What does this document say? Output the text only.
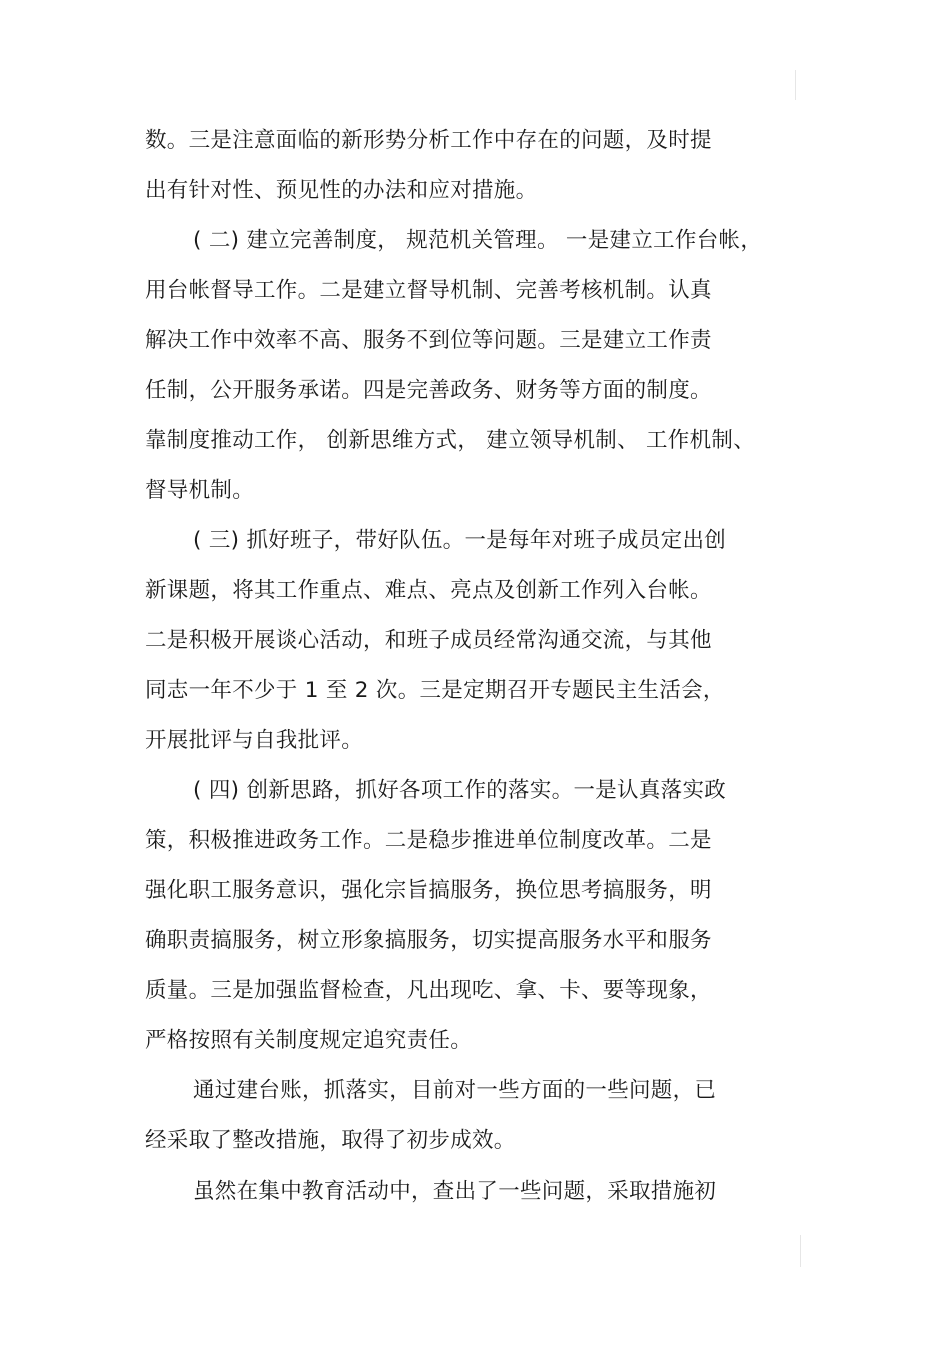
数。三是注意面临的新形势分析工作中存在的问题，及时提
出有针对性、预见性的办法和应对措施。
( 二) 建立完善制度， 规范机关管理。 一是建立工作台帐，
用台帐督导工作。二是建立督导机制、完善考核机制。认真
解决工作中效率不高、服务不到位等问题。三是建立工作责
任制，公开服务承诺。四是完善政务、财务等方面的制度。
靠制度推动工作， 创新思维方式， 建立领导机制、 工作机制、
督导机制。
( 三) 抓好班子，带好队伍。一是每年对班子成员定出创
新课题，将其工作重点、难点、亮点及创新工作列入台帐。
二是积极开展谈心活动，和班子成员经常沟通交流，与其他
同志一年不少于 1 至 2 次。三是定期召开专题民主生活会，
开展批评与自我批评。
( 四) 创新思路，抓好各项工作的落实。一是认真落实政
策，积极推进政务工作。二是稳步推进单位制度改革。二是
强化职工服务意识，强化宗旨搞服务，换位思考搞服务，明
确职责搞服务，树立形象搞服务，切实提高服务水平和服务
质量。三是加强监督检查，凡出现吃、拿、卡、要等现象，
严格按照有关制度规定追究责任。
通过建台账，抓落实，目前对一些方面的一些问题，已
经采取了整改措施，取得了初步成效。
虽然在集中教育活动中，查出了一些问题，采取措施初
